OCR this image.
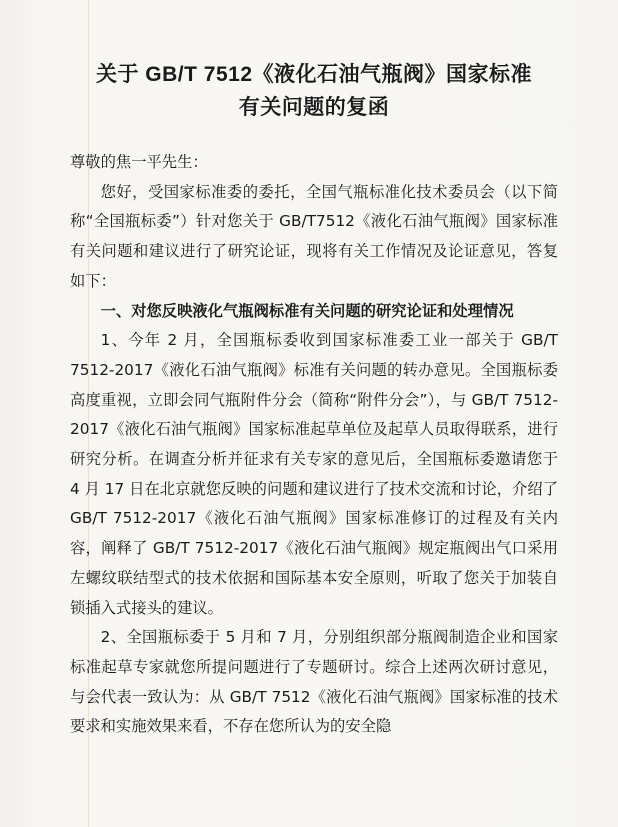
关于 GB/T 7512《液化石油气瓶阀》国家标准
有关问题的复函

尊敬的焦一平先生：

您好，受国家标准委的委托，全国气瓶标准化技术委员会（以下简称“全国瓶标委”）针对您关于 GB/T7512《液化石油气瓶阀》国家标准有关问题和建议进行了研究论证，现将有关工作情况及论证意见，答复如下：

一、对您反映液化气瓶阀标准有关问题的研究论证和处理情况

1、今年 2 月，全国瓶标委收到国家标准委工业一部关于 GB/T 7512-2017《液化石油气瓶阀》标准有关问题的转办意见。全国瓶标委高度重视，立即会同气瓶附件分会（简称“附件分会”），与 GB/T 7512-2017《液化石油气瓶阀》国家标准起草单位及起草人员取得联系，进行研究分析。在调查分析并征求有关专家的意见后，全国瓶标委邀请您于 4 月 17 日在北京就您反映的问题和建议进行了技术交流和讨论，介绍了 GB/T 7512-2017《液化石油气瓶阀》国家标准修订的过程及有关内容，阐释了 GB/T 7512-2017《液化石油气瓶阀》规定瓶阀出气口采用左螺纹联结型式的技术依据和国际基本安全原则，听取了您关于加装自锁插入式接头的建议。

2、全国瓶标委于 5 月和 7 月，分别组织部分瓶阀制造企业和国家标准起草专家就您所提问题进行了专题研讨。综合上述两次研讨意见，与会代表一致认为：从 GB/T 7512《液化石油气瓶阀》国家标准的技术要求和实施效果来看，不存在您所认为的安全隐
